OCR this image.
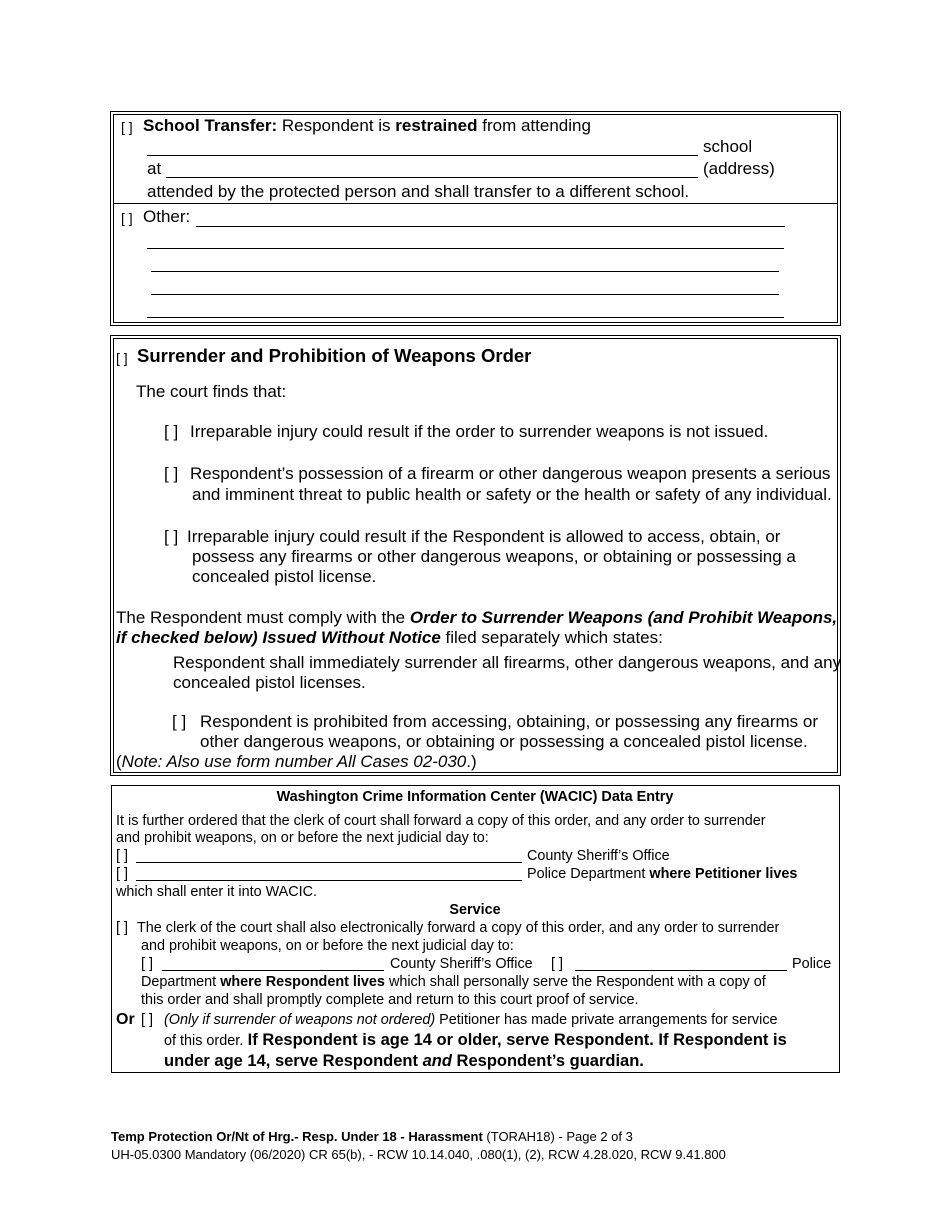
[ ] School Transfer: Respondent is restrained from attending
school
at	(address)
attended by the protected person and shall transfer to a different school.
[ ] Other:
[ ] Surrender and Prohibition of Weapons Order
The court finds that:
[ ] Irreparable injury could result if the order to surrender weapons is not issued.
[ ] Respondent’s possession of a firearm or other dangerous weapon presents a serious
and imminent threat to public health or safety or the health or safety of any individual.
[ ] Irreparable injury could result if the Respondent is allowed to access, obtain, or
possess any firearms or other dangerous weapons, or obtaining or possessing a
concealed pistol license.
The Respondent must comply with the Order to Surrender Weapons (and Prohibit Weapons,
if checked below) Issued Without Notice filed separately which states:
Respondent shall immediately surrender all firearms, other dangerous weapons, and any
concealed pistol licenses.
[ ] Respondent is prohibited from accessing, obtaining, or possessing any firearms or
other dangerous weapons, or obtaining or possessing a concealed pistol license.
(Note: Also use form number All Cases 02-030.)
Washington Crime Information Center (WACIC) Data Entry
It is further ordered that the clerk of court shall forward a copy of this order, and any order to surrender
and prohibit weapons, on or before the next judicial day to:
[ ]	County Sheriff’s Office
[ ]	Police Department where Petitioner lives
which shall enter it into WACIC.
Service
[ ] The clerk of the court shall also electronically forward a copy of this order, and any order to surrender
and prohibit weapons, on or before the next judicial day to:
[ ]	County Sheriff’s Office [ ]	Police
Department where Respondent lives which shall personally serve the Respondent with a copy of
this order and shall promptly complete and return to this court proof of service.
Or [ ] (Only if surrender of weapons not ordered) Petitioner has made private arrangements for service
of this order. If Respondent is age 14 or older, serve Respondent. If Respondent is
under age 14, serve Respondent and Respondent’s guardian.
Temp Protection Or/Nt of Hrg.- Resp. Under 18 - Harassment (TORAH18) - Page 2 of 3
UH-05.0300 Mandatory (06/2020) CR 65(b), - RCW 10.14.040, .080(1), (2), RCW 4.28.020, RCW 9.41.800
